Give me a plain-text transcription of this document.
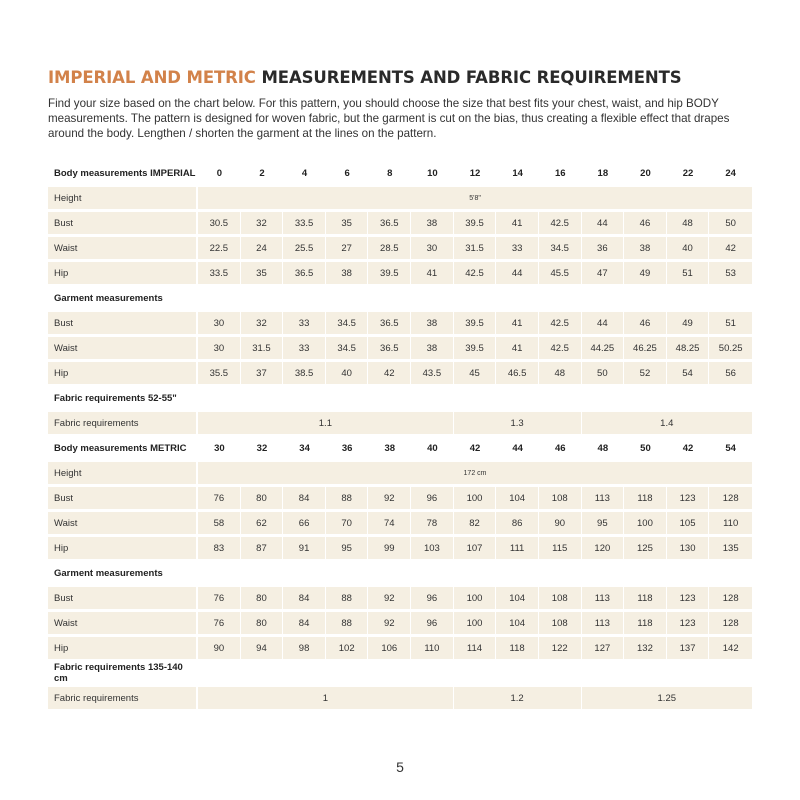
IMPERIAL AND METRIC MEASUREMENTS AND FABRIC REQUIREMENTS

Find your size based on the chart below. For this pattern, you should choose the size that best fits your chest, waist, and hip BODY measurements. The pattern is designed for woven fabric, but the garment is cut on the bias, thus creating a flexible effect that drapes around the body. Lengthen / shorten the garment at the lines on the pattern.

Body measurements IMPERIAL	0	2	4	6	8	10	12	14	16	18	20	22	24
Height	5'8"												
Bust	30.5	32	33.5	35	36.5	38	39.5	41	42.5	44	46	48	50
Waist	22.5	24	25.5	27	28.5	30	31.5	33	34.5	36	38	40	42
Hip	33.5	35	36.5	38	39.5	41	42.5	44	45.5	47	49	51	53
Garment measurements													
Bust	30	32	33	34.5	36.5	38	39.5	41	42.5	44	46	49	51
Waist	30	31.5	33	34.5	36.5	38	39.5	41	42.5	44.25	46.25	48.25	50.25
Hip	35.5	37	38.5	40	42	43.5	45	46.5	48	50	52	54	56
Fabric requirements 52-55"													
Fabric requirements	1.1						1.3			1.4			
Body measurements METRIC	30	32	34	36	38	40	42	44	46	48	50	42	54
Height	172 cm												
Bust	76	80	84	88	92	96	100	104	108	113	118	123	128
Waist	58	62	66	70	74	78	82	86	90	95	100	105	110
Hip	83	87	91	95	99	103	107	111	115	120	125	130	135
Garment measurements													
Bust	76	80	84	88	92	96	100	104	108	113	118	123	128
Waist	76	80	84	88	92	96	100	104	108	113	118	123	128
Hip	90	94	98	102	106	110	114	118	122	127	132	137	142
Fabric requirements 135-140 cm													
Fabric requirements	1						1.2			1.25			
5
